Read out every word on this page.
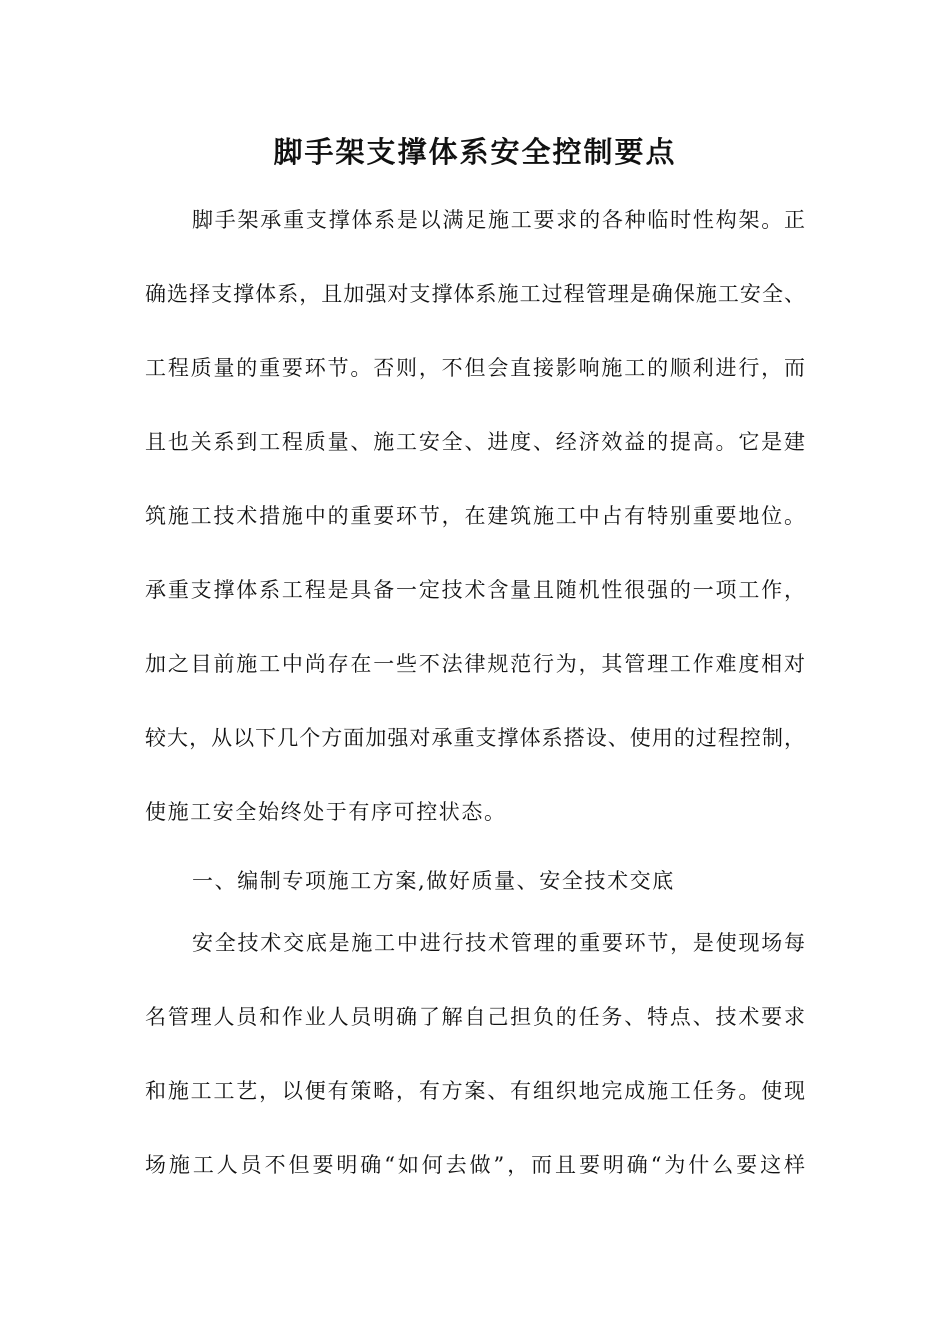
脚手架支撑体系安全控制要点
脚手架承重支撑体系是以满足施工要求的各种临时性构架。正
确选择支撑体系，且加强对支撑体系施工过程管理是确保施工安全、
工程质量的重要环节。否则，不但会直接影响施工的顺利进行，而
且也关系到工程质量、施工安全、进度、经济效益的提高。它是建
筑施工技术措施中的重要环节，在建筑施工中占有特别重要地位。
承重支撑体系工程是具备一定技术含量且随机性很强的一项工作，
加之目前施工中尚存在一些不法律规范行为，其管理工作难度相对
较大，从以下几个方面加强对承重支撑体系搭设、使用的过程控制，
使施工安全始终处于有序可控状态。
一、编制专项施工方案,做好质量、安全技术交底
安全技术交底是施工中进行技术管理的重要环节，是使现场每
名管理人员和作业人员明确了解自己担负的任务、特点、技术要求
和施工工艺，以便有策略，有方案、有组织地完成施工任务。使现
场施工人员不但要明确“如何去做”，而且要明确“为什么要这样
